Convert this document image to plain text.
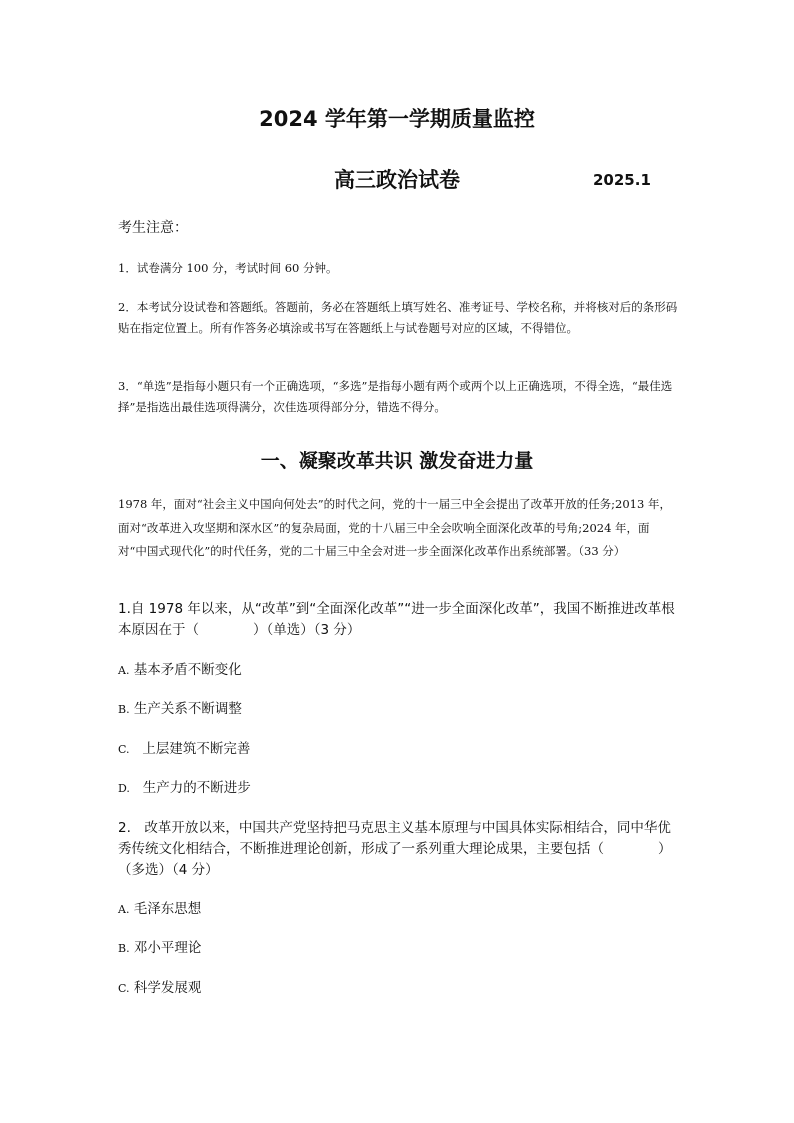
2024 学年第一学期质量监控
高三政治试卷	2025.1
考生注意：
1．试卷满分 100 分，考试时间 60 分钟。
2．本考试分设试卷和答题纸。答题前，务必在答题纸上填写姓名、准考证号、学校名称，并将核对后的条形码贴在指定位置上。所有作答务必填涂或书写在答题纸上与试卷题号对应的区域，不得错位。
3．“单选”是指每小题只有一个正确选项，“多选”是指每小题有两个或两个以上正确选项，不得全选，“最佳选择”是指选出最佳选项得满分，次佳选项得部分分，错选不得分。
一、凝聚改革共识 激发奋进力量
1978 年，面对“社会主义中国向何处去”的时代之问，党的十一届三中全会提出了改革开放的任务;2013 年，面对“改革进入攻坚期和深水区”的复杂局面，党的十八届三中全会吹响全面深化改革的号角;2024 年，面对“中国式现代化”的时代任务，党的二十届三中全会对进一步全面深化改革作出系统部署。（33 分）
1.自 1978 年以来，从“改革”到“全面深化改革”“进一步全面深化改革”，我国不断推进改革根本原因在于（　　　　）（单选）（3 分）
A. 基本矛盾不断变化
B. 生产关系不断调整
C.   上层建筑不断完善
D.   生产力的不断进步
2.　改革开放以来，中国共产党坚持把马克思主义基本原理与中国具体实际相结合，同中华优秀传统文化相结合，不断推进理论创新，形成了一系列重大理论成果，主要包括（　　　　）（多选）（4 分）
A. 毛泽东思想
B. 邓小平理论
C. 科学发展观
